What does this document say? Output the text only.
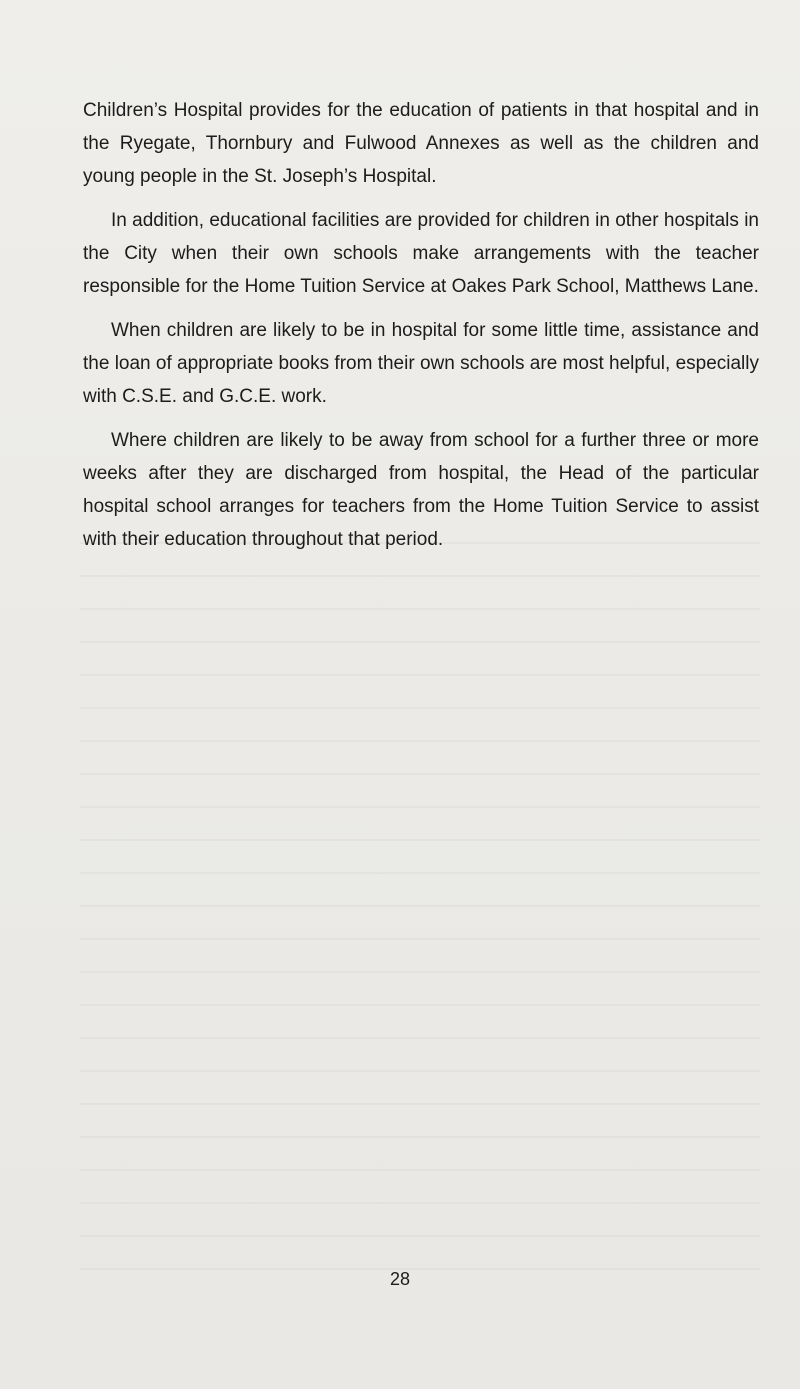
Children’s Hospital provides for the education of patients in that hospital and in the Ryegate, Thornbury and Fulwood Annexes as well as the children and young people in the St. Joseph’s Hospital.

In addition, educational facilities are provided for children in other hospitals in the City when their own schools make arrangements with the teacher responsible for the Home Tuition Service at Oakes Park School, Matthews Lane.

When children are likely to be in hospital for some little time, assistance and the loan of appropriate books from their own schools are most helpful, especially with C.S.E. and G.C.E. work.

Where children are likely to be away from school for a further three or more weeks after they are discharged from hospital, the Head of the particular hospital school arranges for teachers from the Home Tuition Service to assist with their education throughout that period.

28
